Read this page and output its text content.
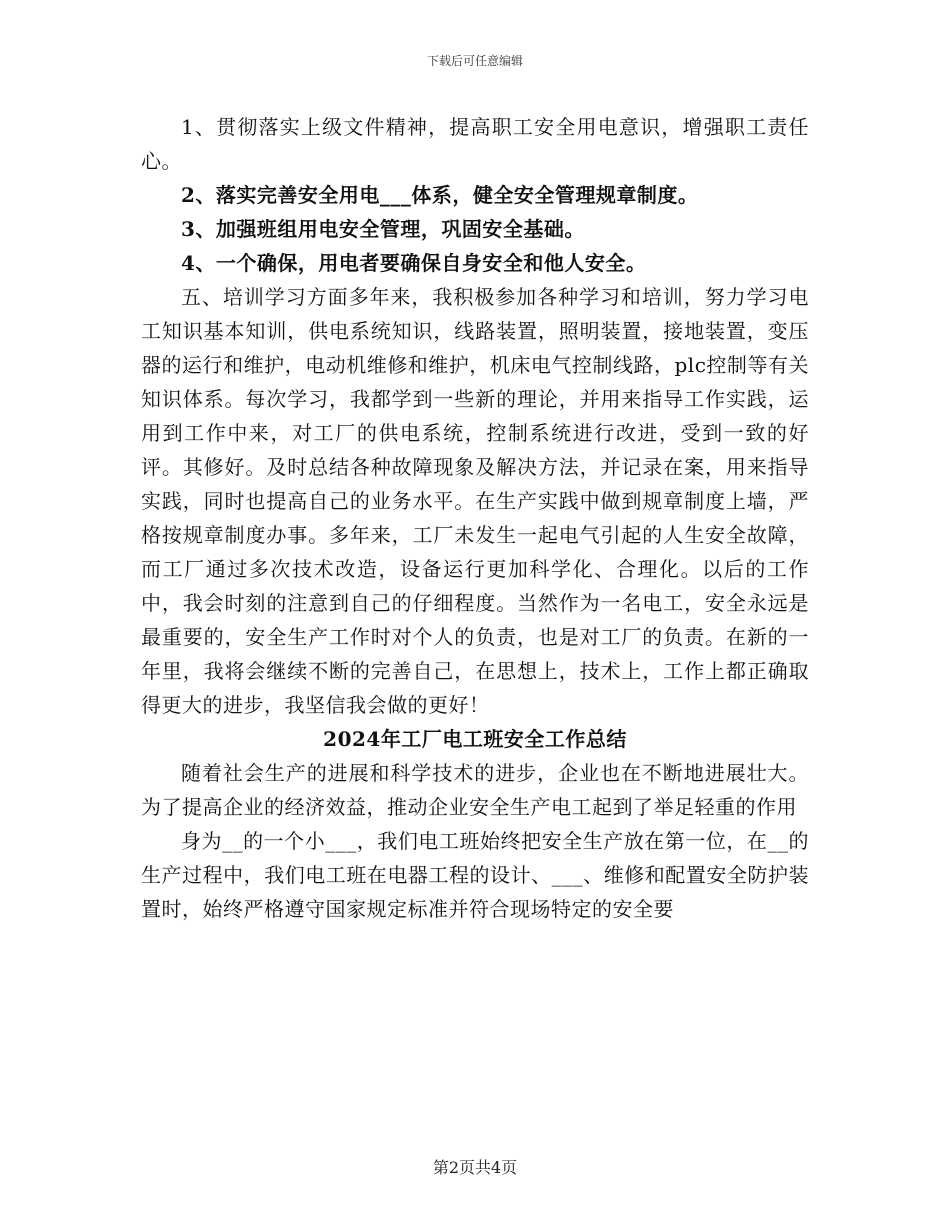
下载后可任意编辑

1、贯彻落实上级文件精神，提高职工安全用电意识，增强职工责任心。

2、落实完善安全用电___体系，健全安全管理规章制度。

3、加强班组用电安全管理，巩固安全基础。

4、一个确保，用电者要确保自身安全和他人安全。

五、培训学习方面多年来，我积极参加各种学习和培训，努力学习电工知识基本知训，供电系统知识，线路装置，照明装置，接地装置，变压器的运行和维护，电动机维修和维护，机床电气控制线路，plc控制等有关知识体系。每次学习，我都学到一些新的理论，并用来指导工作实践，运用到工作中来，对工厂的供电系统，控制系统进行改进，受到一致的好评。其修好。及时总结各种故障现象及解决方法，并记录在案，用来指导实践，同时也提高自己的业务水平。在生产实践中做到规章制度上墙，严格按规章制度办事。多年来，工厂未发生一起电气引起的人生安全故障，而工厂通过多次技术改造，设备运行更加科学化、合理化。以后的工作中，我会时刻的注意到自己的仔细程度。当然作为一名电工，安全永远是最重要的，安全生产工作时对个人的负责，也是对工厂的负责。在新的一年里，我将会继续不断的完善自己，在思想上，技术上，工作上都正确取得更大的进步，我坚信我会做的更好！

2024年工厂电工班安全工作总结

随着社会生产的进展和科学技术的进步，企业也在不断地进展壮大。为了提高企业的经济效益，推动企业安全生产电工起到了举足轻重的作用

身为__的一个小___，我们电工班始终把安全生产放在第一位，在__的生产过程中，我们电工班在电器工程的设计、___、维修和配置安全防护装置时，始终严格遵守国家规定标准并符合现场特定的安全要

第2页共4页
